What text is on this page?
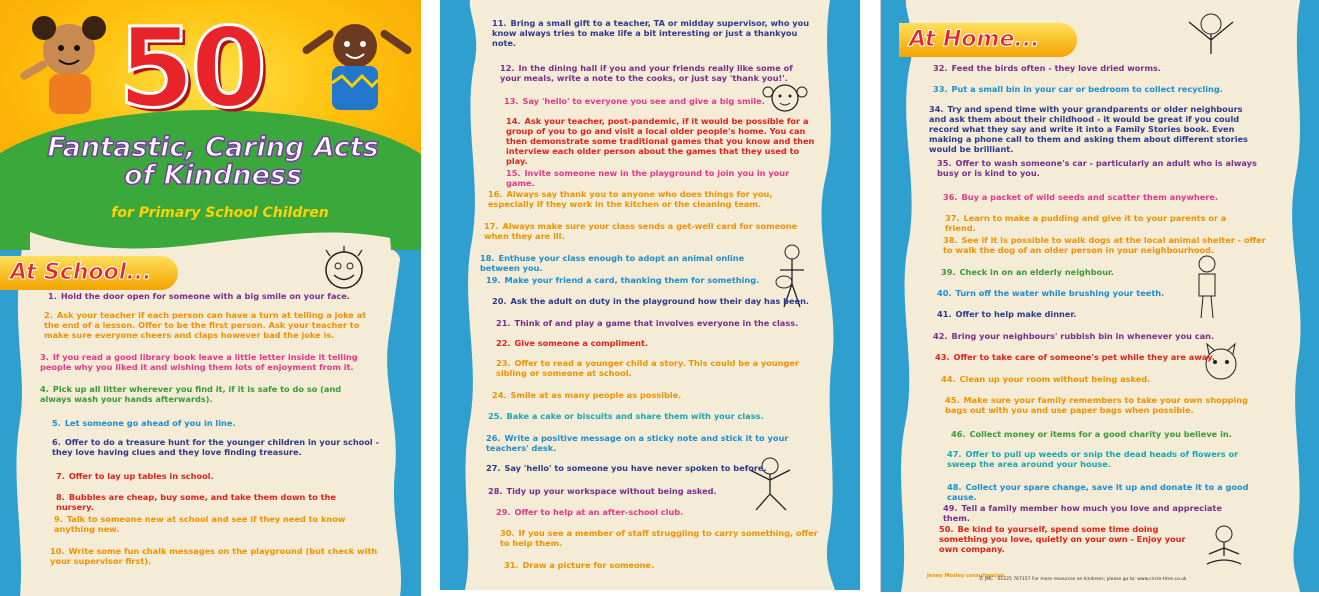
50
Fantastic, Caring Acts
of Kindness
for Primary School Children
At School...
1. Hold the door open for someone with a big smile on your face.
2. Ask your teacher if each person can have a turn at telling a joke at the end of a lesson. Offer to be the first person. Ask your teacher to make sure everyone cheers and claps however bad the joke is.
3. If you read a good library book leave a little letter inside it telling people why you liked it and wishing them lots of enjoyment from it.
4. Pick up all litter wherever you find it, if it is safe to do so (and always wash your hands afterwards).
5. Let someone go ahead of you in line.
6. Offer to do a treasure hunt for the younger children in your school - they love having clues and they love finding treasure.
7. Offer to lay up tables in school.
8. Bubbles are cheap, buy some, and take them down to the nursery.
9. Talk to someone new at school and see if they need to know anything new.
10. Write some fun chalk messages on the playground (but check with your supervisor first).
11. Bring a small gift to a teacher, TA or midday supervisor, who you know always tries to make life a bit interesting or just a thankyou note.
12. In the dining hall if you and your friends really like some of your meals, write a note to the cooks, or just say 'thank you!'.
13. Say 'hello' to everyone you see and give a big smile.
14. Ask your teacher, post-pandemic, if it would be possible for a group of you to go and visit a local older people's home. You can then demonstrate some traditional games that you know and then interview each older person about the games that they used to play.
15. Invite someone new in the playground to join you in your game.
16. Always say thank you to anyone who does things for you, especially if they work in the kitchen or the cleaning team.
17. Always make sure your class sends a get-well card for someone when they are ill.
18. Enthuse your class enough to adopt an animal online between you.
19. Make your friend a card, thanking them for something.
20. Ask the adult on duty in the playground how their day has been.
21. Think of and play a game that involves everyone in the class.
22. Give someone a compliment.
23. Offer to read a younger child a story. This could be a younger sibling or someone at school.
24. Smile at as many people as possible.
25. Bake a cake or biscuits and share them with your class.
26. Write a positive message on a sticky note and stick it to your teachers' desk.
27. Say 'hello' to someone you have never spoken to before.
28. Tidy up your workspace without being asked.
29. Offer to help at an after-school club.
30. If you see a member of staff struggling to carry something, offer to help them.
31. Draw a picture for someone.
At Home...
32. Feed the birds often - they love dried worms.
33. Put a small bin in your car or bedroom to collect recycling.
34. Try and spend time with your grandparents or older neighbours and ask them about their childhood - it would be great if you could record what they say and write it into a Family Stories book. Even making a phone call to them and asking them about different stories would be brilliant.
35. Offer to wash someone's car - particularly an adult who is always busy or is kind to you.
36. Buy a packet of wild seeds and scatter them anywhere.
37. Learn to make a pudding and give it to your parents or a friend.
38. See if it is possible to walk dogs at the local animal shelter - offer to walk the dog of an older person in your neighbourhood.
39. Check in on an elderly neighbour.
40. Turn off the water while brushing your teeth.
41. Offer to help make dinner.
42. Bring your neighbours' rubbish bin in whenever you can.
43. Offer to take care of someone's pet while they are away.
44. Clean up your room without being asked.
45. Make sure your family remembers to take your own shopping bags out with you and use paper bags when possible.
46. Collect money or items for a good charity you believe in.
47. Offer to pull up weeds or snip the dead heads of flowers or sweep the area around your house.
48. Collect your spare change, save it up and donate it to a good cause.
49. Tell a family member how much you love and appreciate them.
50. Be kind to yourself, spend some time doing something you love, quietly on your own - Enjoy your own company.
Jenny Mosley consultancies
© JMC · 01225 767157 For more resources on kindness; please go to: www.circle-time.co.uk
